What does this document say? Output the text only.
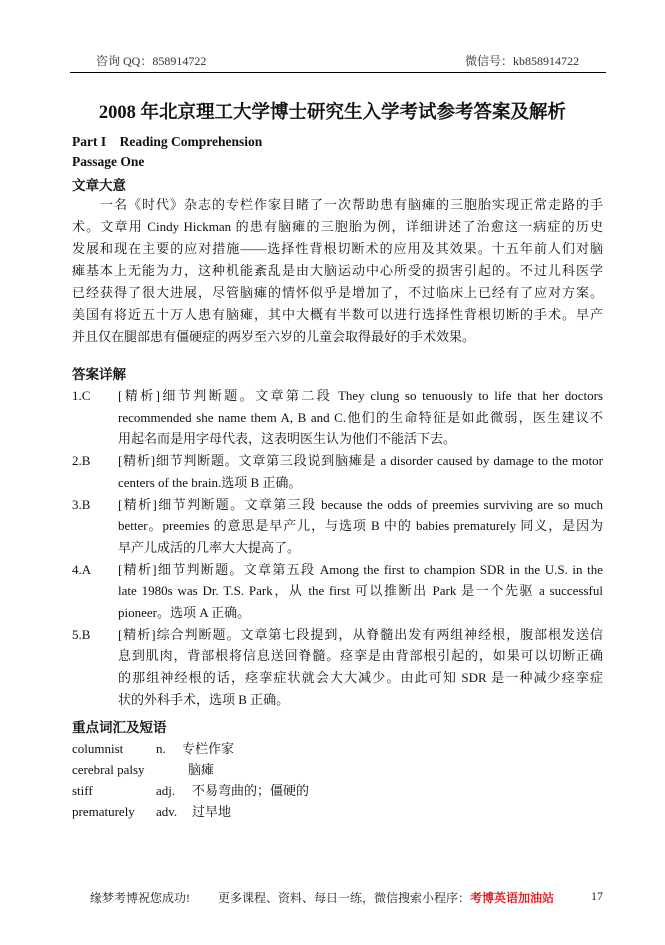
咨询 QQ：858914722	微信号：kb858914722
2008 年北京理工大学博士研究生入学考试参考答案及解析
Part I    Reading Comprehension
Passage One
文章大意
　　一名《时代》杂志的专栏作家目睹了一次帮助患有脑瘫的三胞胎实现正常走路的手
术。文章用 Cindy Hickman 的患有脑瘫的三胞胎为例，详细讲述了治愈这一病症的历史
发展和现在主要的应对措施——选择性背根切断术的应用及其效果。十五年前人们对脑
瘫基本上无能为力，这种机能紊乱是由大脑运动中心所受的损害引起的。不过儿科医学
已经获得了很大进展，尽管脑瘫的情怀似乎是增加了，不过临床上已经有了应对方案。
美国有将近五十万人患有脑瘫，其中大概有半数可以进行选择性背根切断的手术。早产
并且仅在腿部患有僵硬症的两岁至六岁的儿童会取得最好的手术效果。
答案详解
1.C [精析]细节判断题。文章第二段 They clung so tenuously to life that her doctors
recommended she name them A, B and C.他们的生命特征是如此微弱，医生建议不
用起名而是用字母代表，这表明医生认为他们不能活下去。
2.B [精析]细节判断题。文章第三段说到脑瘫是 a disorder caused by damage to the motor
centers of the brain.选项 B 正确。
3.B [精析]细节判断题。文章第三段 because the odds of preemies surviving are so much
better。preemies 的意思是早产儿，与选项 B 中的 babies prematurely 同义，是因为
早产儿成活的几率大大提高了。
4.A [精析]细节判断题。文章第五段 Among the first to champion SDR in the U.S. in the
late 1980s was Dr. T.S. Park，从 the first 可以推断出 Park 是一个先驱 a successful
pioneer。选项 A 正确。
5.B [精析]综合判断题。文章第七段提到，从脊髓出发有两组神经根，腹部根发送信
息到肌肉，背部根将信息送回脊髓。痉挛是由背部根引起的，如果可以切断正确
的那组神经根的话，痉挛症状就会大大减少。由此可知 SDR 是一种减少痉挛症
状的外科手术，选项 B 正确。
重点词汇及短语
columnist	n. 专栏作家
cerebral palsy	脑瘫
stiff	adj. 不易弯曲的；僵硬的
prematurely adv. 过早地
缘梦考博祝您成功! 更多课程、资料、每日一练，微信搜索小程序：考博英语加油站	17
